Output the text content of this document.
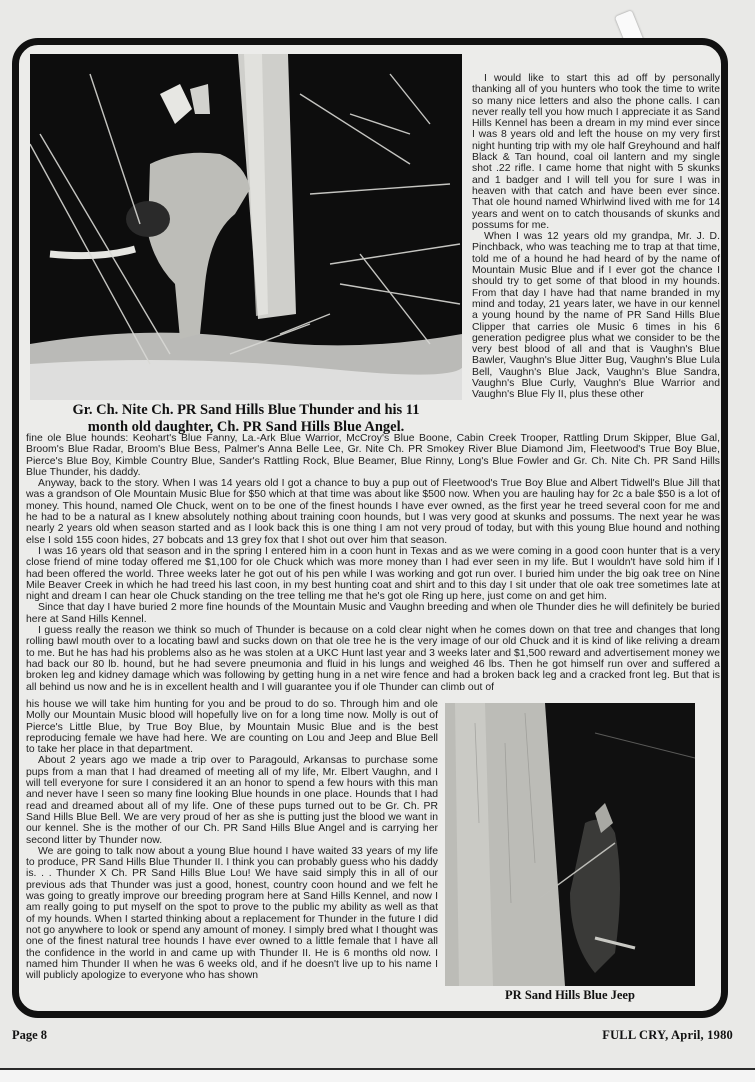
Gr. Ch. Nite Ch. PR Sand Hills Blue Thunder and his 11
month old daughter, Ch. PR Sand Hills Blue Angel.
PR Sand Hills Blue Jeep

I would like to start this ad off by personally thanking all of you hunters who took the time to write so many nice letters and also the phone calls. I can never really tell you how much I appreciate it as Sand Hills Kennel has been a dream in my mind ever since I was 8 years old and left the house on my very first night hunting trip with my ole half Greyhound and half Black & Tan hound, coal oil lantern and my single shot .22 rifle. I came home that night with 5 skunks and 1 badger and I will tell you for sure I was in heaven with that catch and have been ever since. That ole hound named Whirlwind lived with me for 14 years and went on to catch thousands of skunks and possums for me.

When I was 12 years old my grandpa, Mr. J. D. Pinchback, who was teaching me to trap at that time, told me of a hound he had heard of by the name of Mountain Music Blue and if I ever got the chance I should try to get some of that blood in my hounds. From that day I have had that name branded in my mind and today, 21 years later, we have in our kennel a young hound by the name of PR Sand Hills Blue Clipper that carries ole Music 6 times in his 6 generation pedigree plus what we consider to be the very best blood of all and that is Vaughn's Blue Bawler, Vaughn's Blue Jitter Bug, Vaughn's Blue Lula Bell, Vaughn's Blue Jack, Vaughn's Blue Sandra, Vaughn's Blue Curly, Vaughn's Blue Warrior and Vaughn's Blue Fly II, plus these other

fine ole Blue hounds: Keohart's Blue Fanny, La.-Ark Blue Warrior, McCroy's Blue Boone, Cabin Creek Trooper, Rattling Drum Skipper, Blue Gal, Broom's Blue Radar, Broom's Blue Bess, Palmer's Anna Belle Lee, Gr. Nite Ch. PR Smokey River Blue Diamond Jim, Fleetwood's True Boy Blue, Pierce's Blue Boy, Kimble Country Blue, Sander's Rattling Rock, Blue Beamer, Blue Rinny, Long's Blue Fowler and Gr. Ch. Nite Ch. PR Sand Hills Blue Thunder, his daddy.

Anyway, back to the story. When I was 14 years old I got a chance to buy a pup out of Fleetwood's True Boy Blue and Albert Tidwell's Blue Jill that was a grandson of Ole Mountain Music Blue for $50 which at that time was about like $500 now. When you are hauling hay for 2c a bale $50 is a lot of money. This hound, named Ole Chuck, went on to be one of the finest hounds I have ever owned, as the first year he treed several coon for me and he had to be a natural as I knew absolutely nothing about training coon hounds, but I was very good at skunks and possums. The next year he was nearly 2 years old when season started and as I look back this is one thing I am not very proud of today, but with this young Blue hound and nothing else I sold 155 coon hides, 27 bobcats and 13 grey fox that I shot out over him that season.

I was 16 years old that season and in the spring I entered him in a coon hunt in Texas and as we were coming in a good coon hunter that is a very close friend of mine today offered me $1,100 for ole Chuck which was more money than I had ever seen in my life. But I wouldn't have sold him if I had been offered the world. Three weeks later he got out of his pen while I was working and got run over. I buried him under the big oak tree on Nine Mile Beaver Creek in which he had treed his last coon, in my best hunting coat and shirt and to this day I sit under that ole oak tree sometimes late at night and dream I can hear ole Chuck standing on the tree telling me that he's got ole Ring up here, just come on and get him.

Since that day I have buried 2 more fine hounds of the Mountain Music and Vaughn breeding and when ole Thunder dies he will definitely be buried here at Sand Hills Kennel.

I guess really the reason we think so much of Thunder is because on a cold clear night when he comes down on that tree and changes that long rolling bawl mouth over to a locating bawl and sucks down on that ole tree he is the very image of our old Chuck and it is kind of like reliving a dream to me. But he has had his problems also as he was stolen at a UKC Hunt last year and 3 weeks later and $1,500 reward and advertisement money we had back our 80 lb. hound, but he had severe pneumonia and fluid in his lungs and weighed 46 lbs. Then he got himself run over and suffered a broken leg and kidney damage which was following by getting hung in a net wire fence and had a broken back leg and a cracked front leg. But that is all behind us now and he is in excellent health and I will guarantee you if ole Thunder can climb out of

his house we will take him hunting for you and be proud to do so. Through him and ole Molly our Mountain Music blood will hopefully live on for a long time now. Molly is out of Pierce's Little Blue, by True Boy Blue, by Mountain Music Blue and is the best reproducing female we have had here. We are counting on Lou and Jeep and Blue Bell to take her place in that department.

About 2 years ago we made a trip over to Paragould, Arkansas to purchase some pups from a man that I had dreamed of meeting all of my life, Mr. Elbert Vaughn, and I will tell everyone for sure I considered it an an honor to spend a few hours with this man and never have I seen so many fine looking Blue hounds in one place. Hounds that I had read and dreamed about all of my life. One of these pups turned out to be Gr. Ch. PR Sand Hills Blue Bell. We are very proud of her as she is putting just the blood we want in our kennel. She is the mother of our Ch. PR Sand Hills Blue Angel and is carrying her second litter by Thunder now.

We are going to talk now about a young Blue hound I have waited 33 years of my life to produce, PR Sand Hills Blue Thunder II. I think you can probably guess who his daddy is. . . Thunder X Ch. PR Sand Hills Blue Lou! We have said simply this in all of our previous ads that Thunder was just a good, honest, country coon hound and we felt he was going to greatly improve our breeding program here at Sand Hills Kennel, and now I am really going to put myself on the spot to prove to the public my ability as well as that of my hounds. When I started thinking about a replacement for Thunder in the future I did not go anywhere to look or spend any amount of money. I simply bred what I thought was one of the finest natural tree hounds I have ever owned to a little female that I have all the confidence in the world in and came up with Thunder II. He is 6 months old now. I named him Thunder II when he was 6 weeks old, and if he doesn't live up to his name I will publicly apologize to everyone who has shown

Page 8	FULL CRY, April, 1980
